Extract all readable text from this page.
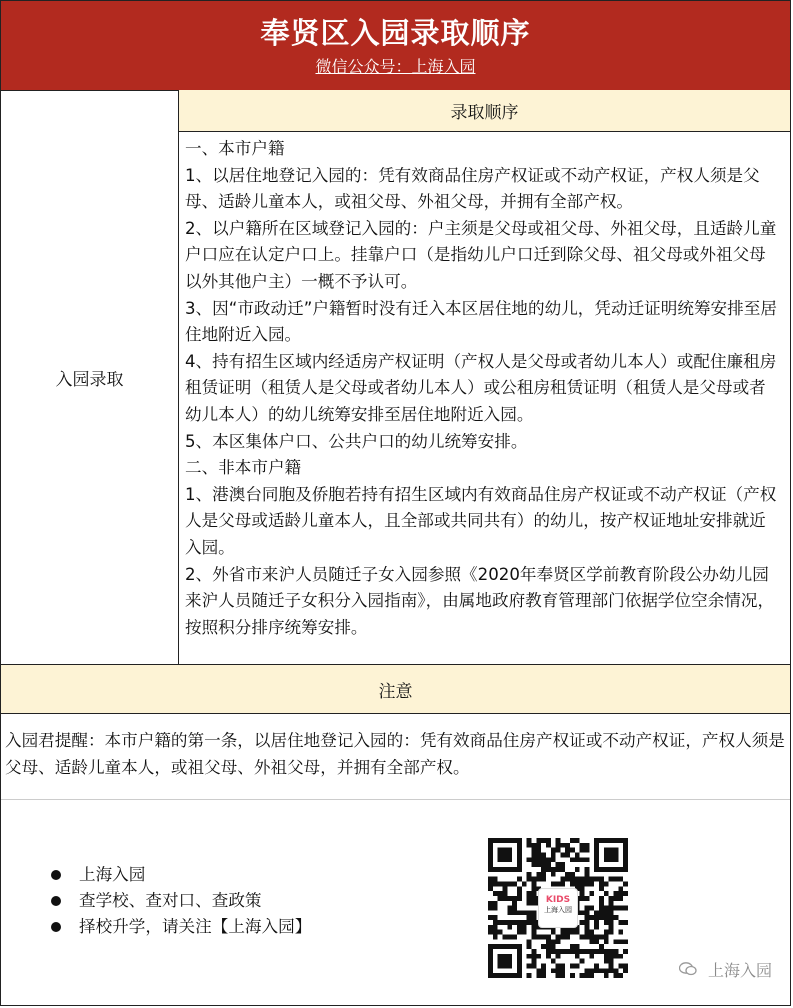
奉贤区入园录取顺序
微信公众号：上海入园
入园录取
录取顺序
一、本市户籍
1、以居住地登记入园的：凭有效商品住房产权证或不动产权证，产权人须是父母、适龄儿童本人，或祖父母、外祖父母，并拥有全部产权。
2、以户籍所在区域登记入园的：户主须是父母或祖父母、外祖父母，且适龄儿童户口应在认定户口上。挂靠户口（是指幼儿户口迁到除父母、祖父母或外祖父母以外其他户主）一概不予认可。
3、因“市政动迁”户籍暂时没有迁入本区居住地的幼儿，凭动迁证明统筹安排至居住地附近入园。
4、持有招生区域内经适房产权证明（产权人是父母或者幼儿本人）或配住廉租房租赁证明（租赁人是父母或者幼儿本人）或公租房租赁证明（租赁人是父母或者幼儿本人）的幼儿统筹安排至居住地附近入园。
5、本区集体户口、公共户口的幼儿统筹安排。
二、非本市户籍
1、港澳台同胞及侨胞若持有招生区域内有效商品住房产权证或不动产权证（产权人是父母或适龄儿童本人，且全部或共同共有）的幼儿，按产权证地址安排就近入园。
2、外省市来沪人员随迁子女入园参照《2020年奉贤区学前教育阶段公办幼儿园来沪人员随迁子女积分入园指南》，由属地政府教育管理部门依据学位空余情况，按照积分排序统筹安排。
注意
入园君提醒：本市户籍的第一条，以居住地登记入园的：凭有效商品住房产权证或不动产权证，产权人须是父母、适龄儿童本人，或祖父母、外祖父母，并拥有全部产权。
上海入园
查学校、查对口、查政策
择校升学，请关注【上海入园】
KIDS
上海入园
上海入园
